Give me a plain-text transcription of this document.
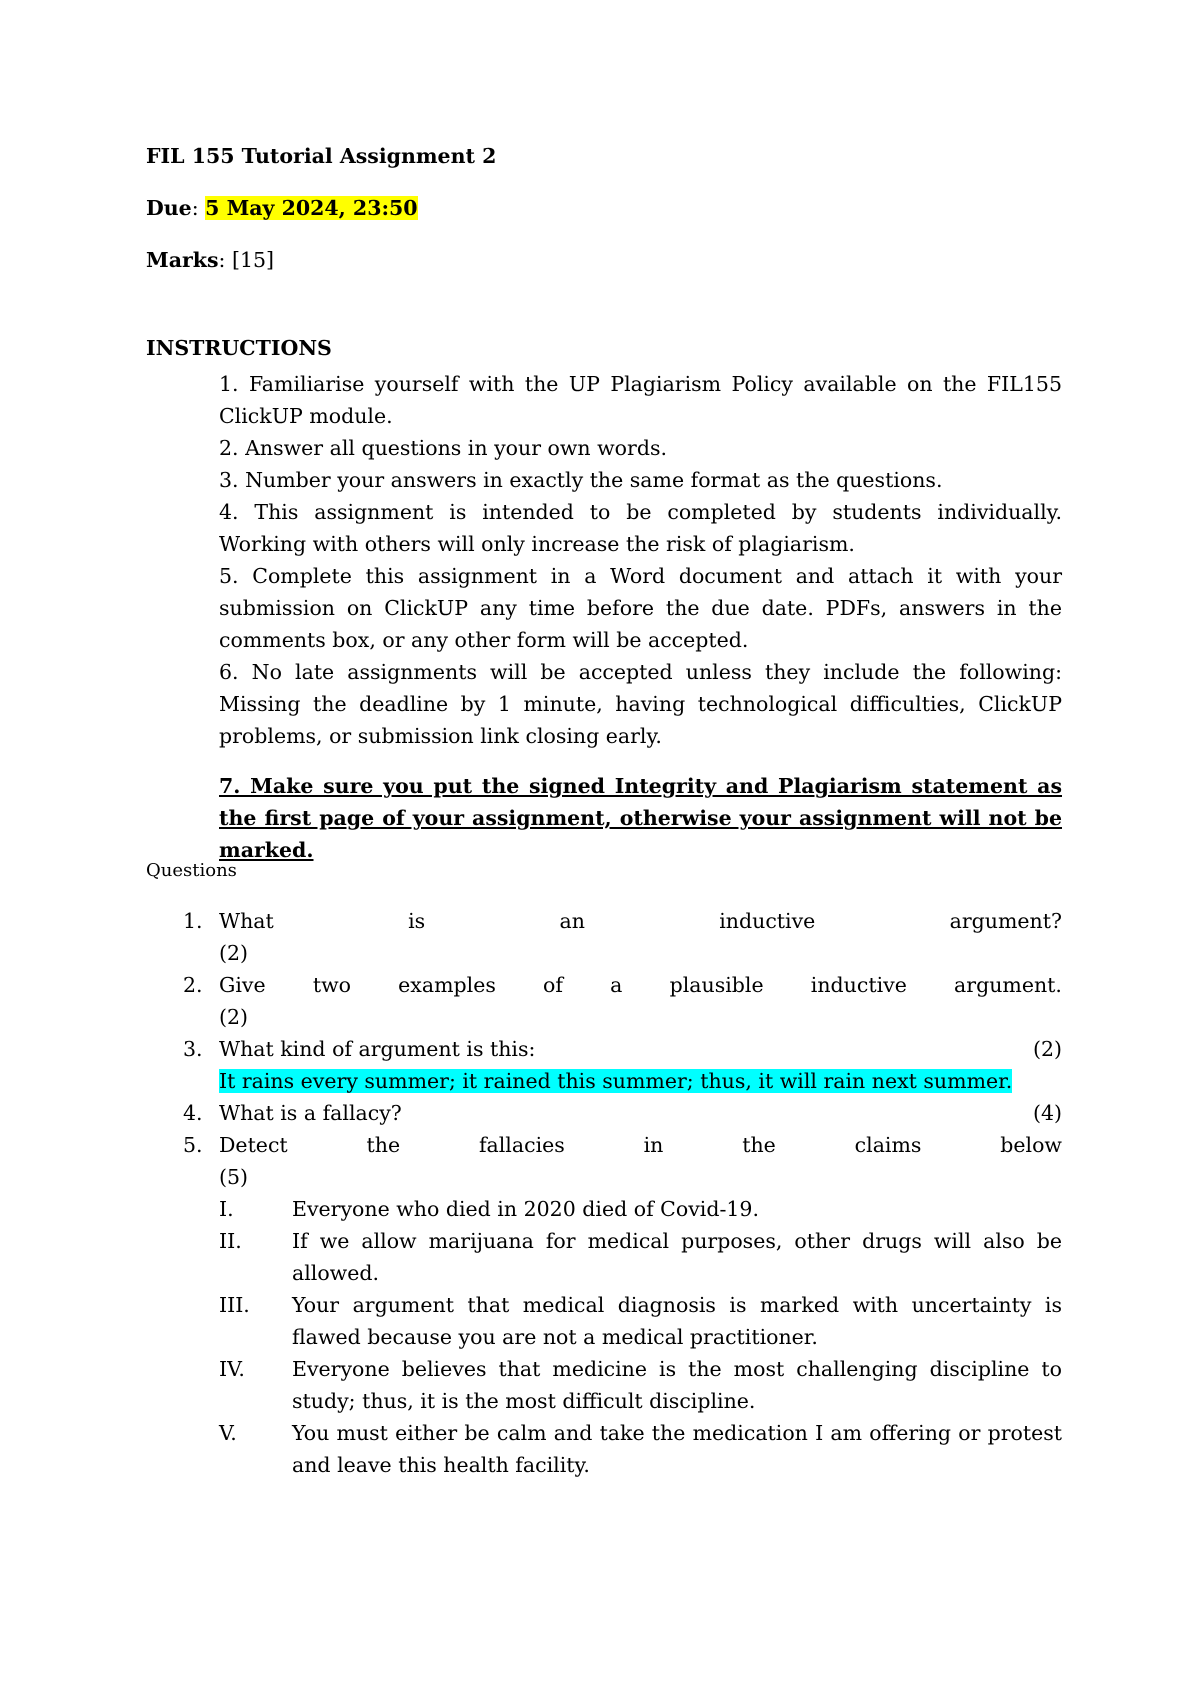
FIL 155 Tutorial Assignment 2
Due: 5 May 2024, 23:50
Marks: [15]
INSTRUCTIONS
1. Familiarise yourself with the UP Plagiarism Policy available on the FIL155 ClickUP module.
2. Answer all questions in your own words.
3. Number your answers in exactly the same format as the questions.
4. This assignment is intended to be completed by students individually. Working with others will only increase the risk of plagiarism.
5. Complete this assignment in a Word document and attach it with your submission on ClickUP any time before the due date. PDFs, answers in the comments box, or any other form will be accepted.
6. No late assignments will be accepted unless they include the following: Missing the deadline by 1 minute, having technological difficulties, ClickUP problems, or submission link closing early.
7. Make sure you put the signed Integrity and Plagiarism statement as the first page of your assignment, otherwise your assignment will not be marked.
Questions
1. What	is	an	inductive	argument?
(2)
2. Give two examples of a plausible inductive argument.
(2)
3. What kind of argument is this:	(2)
It rains every summer; it rained this summer; thus, it will rain next summer.
4. What is a fallacy?	(4)
5. Detect	the	fallacies	in	the	claims	below
(5)
I.	Everyone who died in 2020 died of Covid-19.
II. If we allow marijuana for medical purposes, other drugs will also be allowed.
III. Your argument that medical diagnosis is marked with uncertainty is flawed because you are not a medical practitioner.
IV. Everyone believes that medicine is the most challenging discipline to study; thus, it is the most difficult discipline.
V.	You must either be calm and take the medication I am offering or protest and leave this health facility.
